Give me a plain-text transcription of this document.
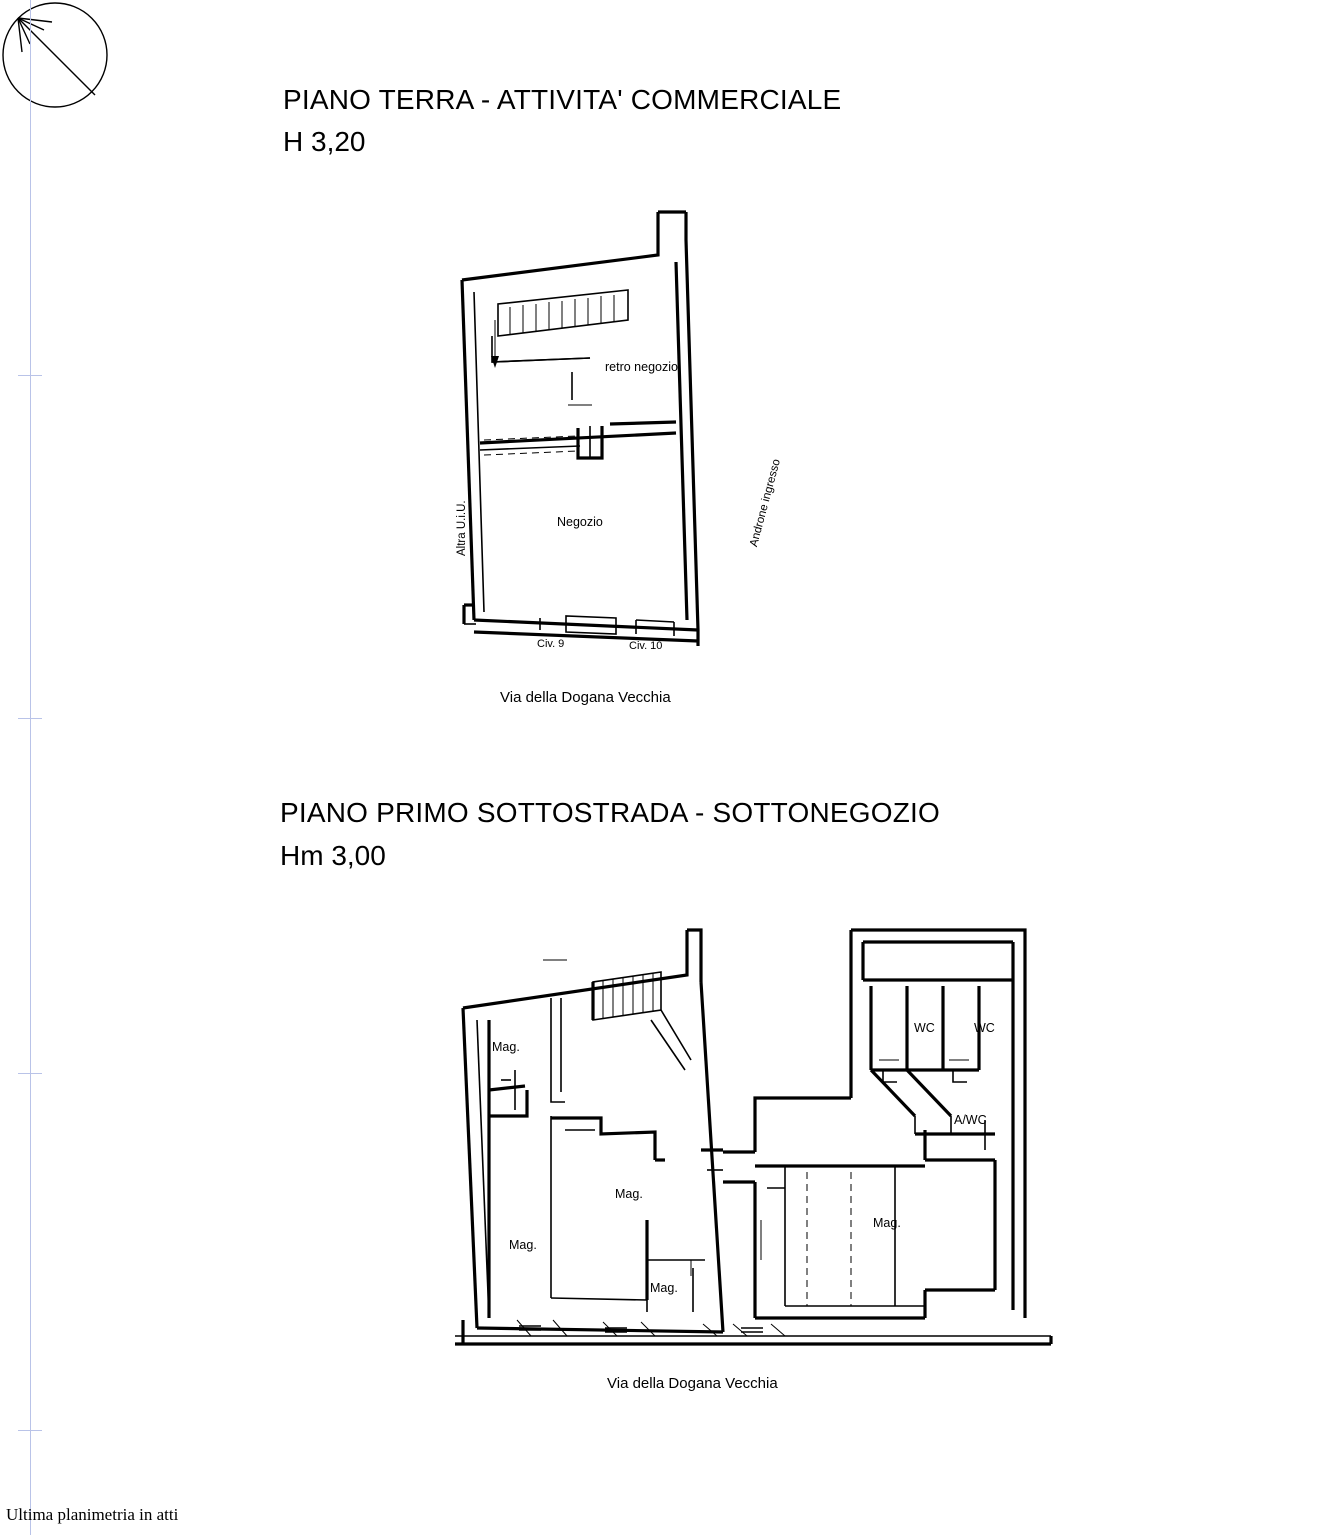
PIANO TERRA - ATTIVITA' COMMERCIALE
H 3,20
retro negozio
Negozio
Altra U.i.U.	Androne ingresso
Civ. 9	Civ. 10
Via della Dogana Vecchia
PIANO PRIMO SOTTOSTRADA - SOTTONEGOZIO
Hm 3,00
Mag.
Mag.
Mag.
Mag.
Mag.
WC	WC
A/WC
Via della Dogana Vecchia
Ultima planimetria in atti
